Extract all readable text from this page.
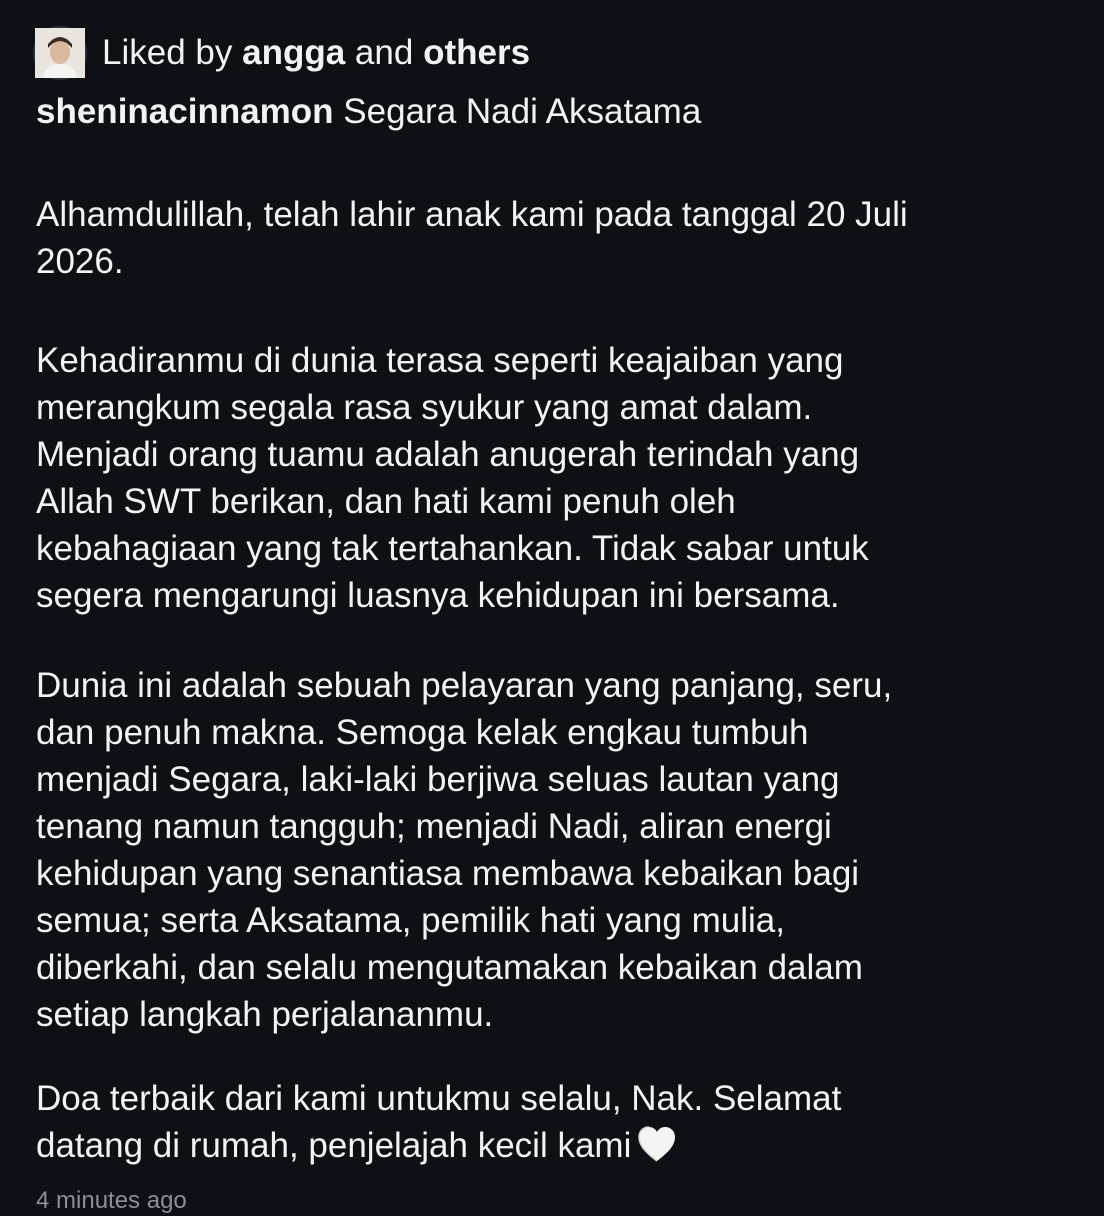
Liked by angga and others

sheninacinnamon Segara Nadi Aksatama

Alhamdulillah, telah lahir anak kami pada tanggal 20 Juli
2026.

Kehadiranmu di dunia terasa seperti keajaiban yang
merangkum segala rasa syukur yang amat dalam.
Menjadi orang tuamu adalah anugerah terindah yang
Allah SWT berikan, dan hati kami penuh oleh
kebahagiaan yang tak tertahankan. Tidak sabar untuk
segera mengarungi luasnya kehidupan ini bersama.

Dunia ini adalah sebuah pelayaran yang panjang, seru,
dan penuh makna. Semoga kelak engkau tumbuh
menjadi Segara, laki-laki berjiwa seluas lautan yang
tenang namun tangguh; menjadi Nadi, aliran energi
kehidupan yang senantiasa membawa kebaikan bagi
semua; serta Aksatama, pemilik hati yang mulia,
diberkahi, dan selalu mengutamakan kebaikan dalam
setiap langkah perjalananmu.

Doa terbaik dari kami untukmu selalu, Nak. Selamat
datang di rumah, penjelajah kecil kami

4 minutes ago
